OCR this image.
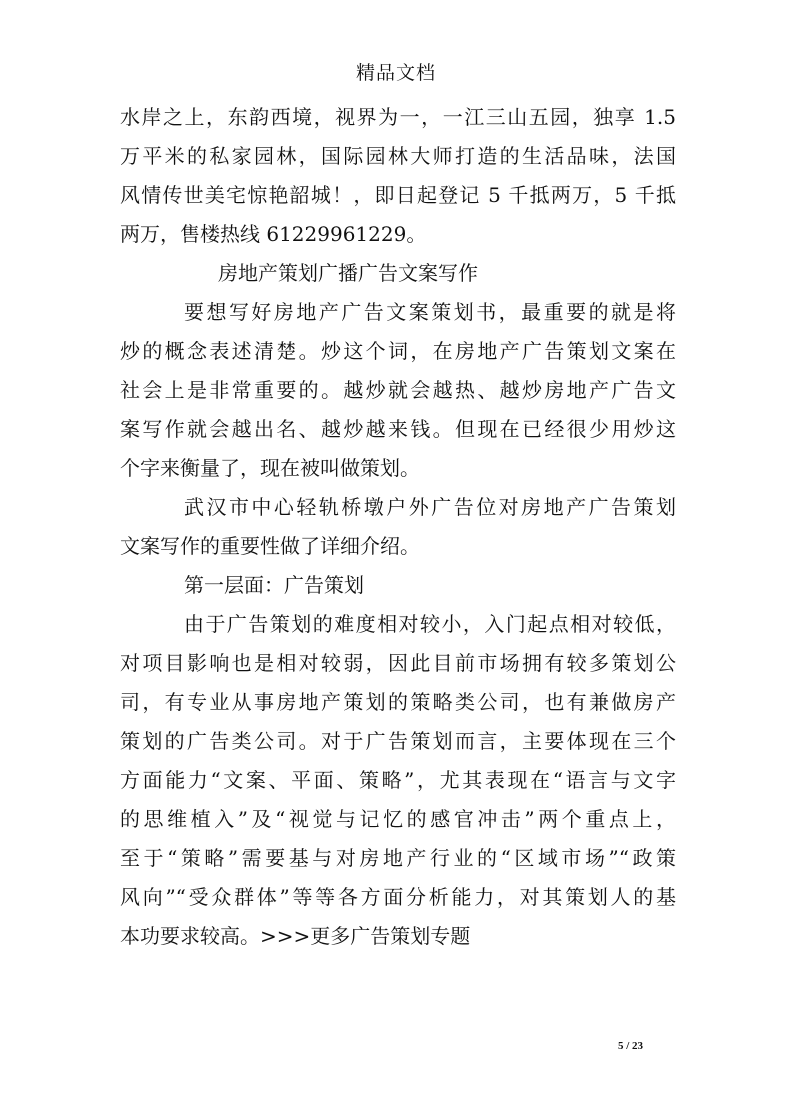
精品文档
水岸之上，东韵西境，视界为一，一江三山五园，独享 1.5
万平米的私家园林，国际园林大师打造的生活品味，法国
风情传世美宅惊艳韶城！，即日起登记 5 千抵两万，5 千抵
两万，售楼热线 61229961229。
房地产策划广播广告文案写作
要想写好房地产广告文案策划书，最重要的就是将
炒的概念表述清楚。炒这个词，在房地产广告策划文案在
社会上是非常重要的。越炒就会越热、越炒房地产广告文
案写作就会越出名、越炒越来钱。但现在已经很少用炒这
个字来衡量了，现在被叫做策划。
武汉市中心轻轨桥墩户外广告位对房地产广告策划
文案写作的重要性做了详细介绍。
第一层面：广告策划
由于广告策划的难度相对较小，入门起点相对较低，
对项目影响也是相对较弱，因此目前市场拥有较多策划公
司，有专业从事房地产策划的策略类公司，也有兼做房产
策划的广告类公司。对于广告策划而言，主要体现在三个
方面能力“文案、平面、策略”，尤其表现在“语言与文字
的思维植入”及“视觉与记忆的感官冲击”两个重点上，
至于“策略”需要基与对房地产行业的“区域市场”“政策
风向”“受众群体”等等各方面分析能力，对其策划人的基
本功要求较高。>>>更多广告策划专题
5 / 23
